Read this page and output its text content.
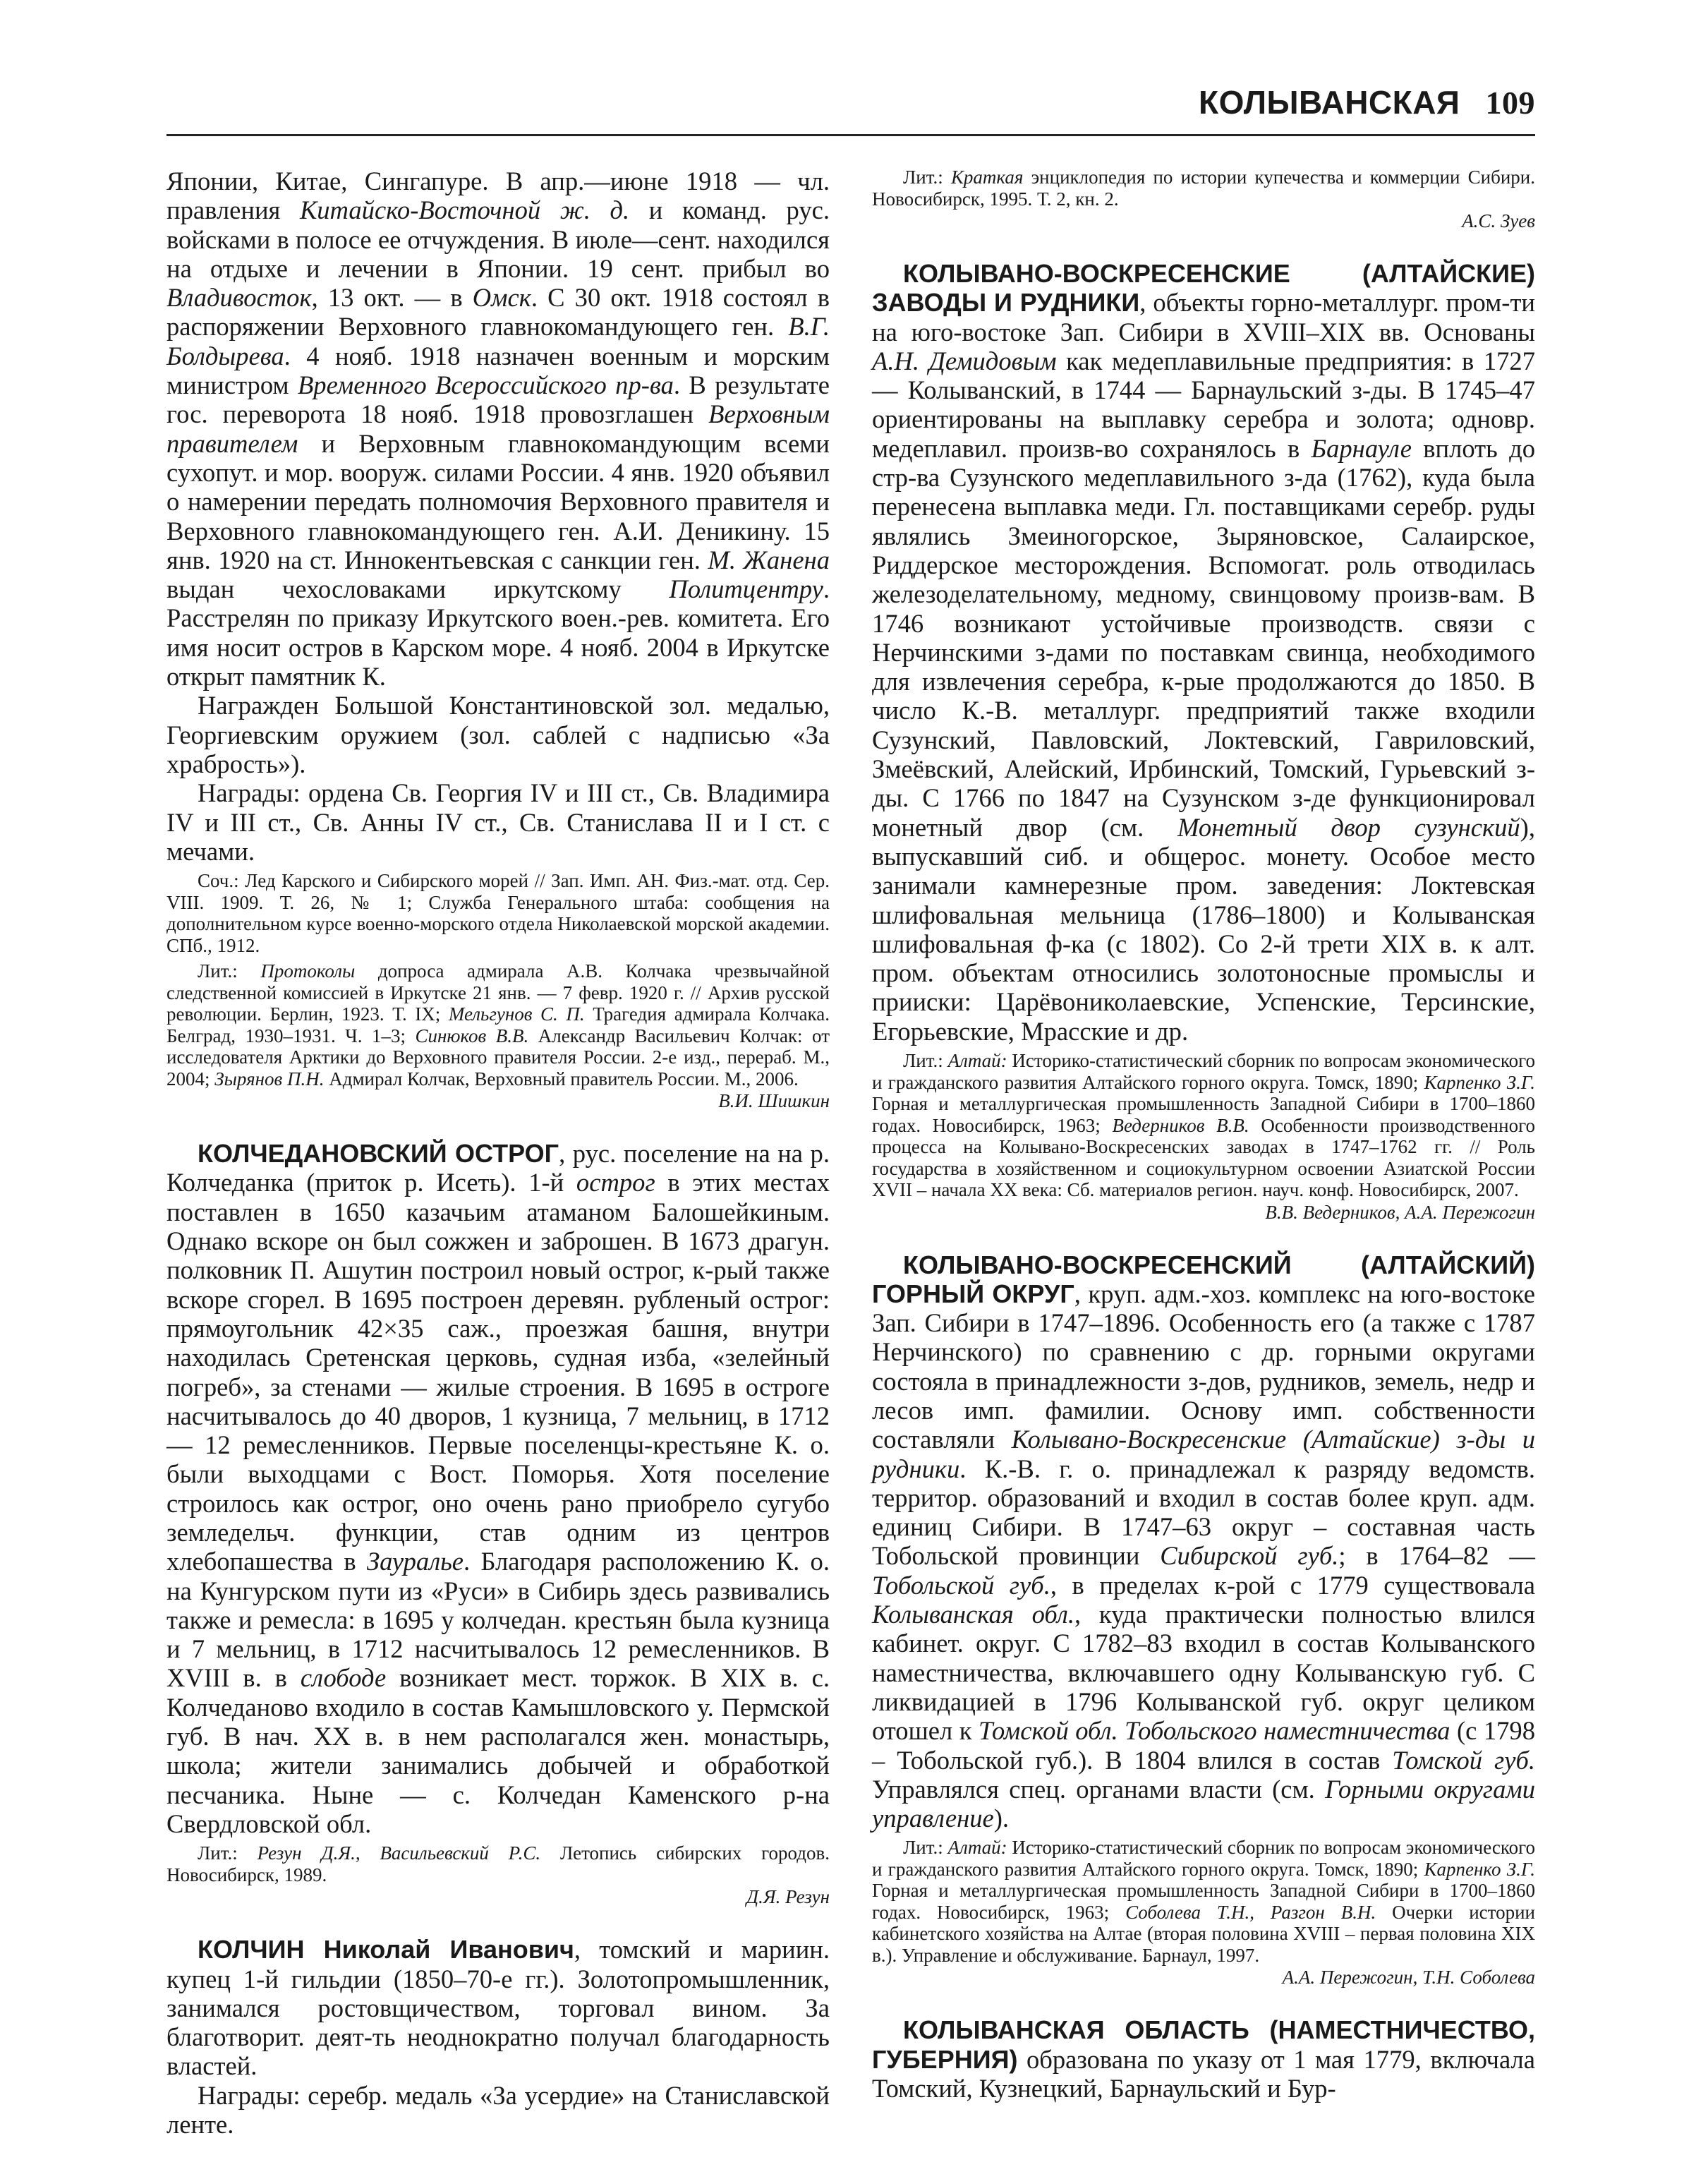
КОЛЫВАНСКАЯ 109

Японии, Китае, Сингапуре. В апр.—июне 1918 — чл. правления Китайско-Восточной ж. д. и команд. рус. войсками в полосе ее отчуждения. В июле—сент. находился на отдыхе и лечении в Японии. 19 сент. прибыл во Владивосток, 13 окт. — в Омск. С 30 окт. 1918 состоял в распоряжении Верховного главнокомандующего ген. В.Г. Болдырева. 4 нояб. 1918 назначен военным и морским министром Временного Всероссийского пр-ва. В результате гос. переворота 18 нояб. 1918 провозглашен Верховным правителем и Верховным главнокомандующим всеми сухопут. и мор. вооруж. силами России. 4 янв. 1920 объявил о намерении передать полномочия Верховного правителя и Верховного главнокомандующего ген. А.И. Деникину. 15 янв. 1920 на ст. Иннокентьевская с санкции ген. М. Жанена выдан чехословаками иркутскому Политцентру. Расстрелян по приказу Иркутского воен.-рев. комитета. Его имя носит остров в Карском море. 4 нояб. 2004 в Иркутске открыт памятник К.

Награжден Большой Константиновской зол. медалью, Георгиевским оружием (зол. саблей с надписью «За храбрость»).

Награды: ордена Св. Георгия IV и III ст., Св. Владимира IV и III ст., Св. Анны IV ст., Св. Станислава II и I ст. с мечами.

Соч.: Лед Карского и Сибирского морей // Зап. Имп. АН. Физ.-мат. отд. Сер. VIII. 1909. Т. 26, № 1; Служба Генерального штаба: сообщения на дополнительном курсе военно-морского отдела Николаевской морской академии. СПб., 1912.

Лит.: Протоколы допроса адмирала А.В. Колчака чрезвычайной следственной комиссией в Иркутске 21 янв. — 7 февр. 1920 г. // Архив русской революции. Берлин, 1923. Т. IX; Мельгунов С. П. Трагедия адмирала Колчака. Белград, 1930–1931. Ч. 1–3; Синюков В.В. Александр Васильевич Колчак: от исследователя Арктики до Верховного правителя России. 2-е изд., перераб. М., 2004; Зырянов П.Н. Адмирал Колчак, Верховный правитель России. М., 2006.

В.И. Шишкин

КОЛЧЕДАНОВСКИЙ ОСТРОГ, рус. поселение на на р. Колчеданка (приток р. Исеть). 1-й острог в этих местах поставлен в 1650 казачьим атаманом Балошейкиным. Однако вскоре он был сожжен и заброшен. В 1673 драгун. полковник П. Ашутин построил новый острог, к-рый также вскоре сгорел. В 1695 построен деревян. рубленый острог: прямоугольник 42×35 саж., проезжая башня, внутри находилась Сретенская церковь, судная изба, «зелейный погреб», за стенами — жилые строения. В 1695 в остроге насчитывалось до 40 дворов, 1 кузница, 7 мельниц, в 1712 — 12 ремесленников. Первые поселенцы-крестьяне К. о. были выходцами с Вост. Поморья. Хотя поселение строилось как острог, оно очень рано приобрело сугубо земледельч. функции, став одним из центров хлебопашества в Зауралье. Благодаря расположению К. о. на Кунгурском пути из «Руси» в Сибирь здесь развивались также и ремесла: в 1695 у колчедан. крестьян была кузница и 7 мельниц, в 1712 насчитывалось 12 ремесленников. В XVIII в. в слободе возникает мест. торжок. В XIX в. с. Колчеданово входило в состав Камышловского у. Пермской губ. В нач. XX в. в нем располагался жен. монастырь, школа; жители занимались добычей и обработкой песчаника. Ныне — с. Колчедан Каменского р-на Свердловской обл.

Лит.: Резун Д.Я., Васильевский Р.С. Летопись сибирских городов. Новосибирск, 1989.

Д.Я. Резун

КОЛЧИН Николай Иванович, томский и мариин. купец 1-й гильдии (1850–70-е гг.). Золотопромышленник, занимался ростовщичеством, торговал вином. За благотворит. деят-ть неоднократно получал благодарность властей.

Награды: серебр. медаль «За усердие» на Станиславской ленте.

Лит.: Краткая энциклопедия по истории купечества и коммерции Сибири. Новосибирск, 1995. Т. 2, кн. 2.

А.С. Зуев

КОЛЫВАНО-ВОСКРЕСЕНСКИЕ (АЛТАЙСКИЕ) ЗАВОДЫ И РУДНИКИ, объекты горно-металлург. пром-ти на юго-востоке Зап. Сибири в XVIII–XIX вв. Основаны А.Н. Демидовым как медеплавильные предприятия: в 1727 — Колыванский, в 1744 — Барнаульский з-ды. В 1745–47 ориентированы на выплавку серебра и золота; одновр. медеплавил. произв-во сохранялось в Барнауле вплоть до стр-ва Сузунского медеплавильного з-да (1762), куда была перенесена выплавка меди. Гл. поставщиками серебр. руды являлись Змеиногорское, Зыряновское, Салаирское, Риддерское месторождения. Вспомогат. роль отводилась железоделательному, медному, свинцовому произв-вам. В 1746 возникают устойчивые производств. связи с Нерчинскими з-дами по поставкам свинца, необходимого для извлечения серебра, к-рые продолжаются до 1850. В число К.-В. металлург. предприятий также входили Сузунский, Павловский, Локтевский, Гавриловский, Змеёвский, Алейский, Ирбинский, Томский, Гурьевский з-ды. С 1766 по 1847 на Сузунском з-де функционировал монетный двор (см. Монетный двор сузунский), выпускавший сиб. и общерос. монету. Особое место занимали камнерезные пром. заведения: Локтевская шлифовальная мельница (1786–1800) и Колыванская шлифовальная ф-ка (с 1802). Со 2-й трети XIX в. к алт. пром. объектам относились золотоносные промыслы и прииски: Царёвониколаевские, Успенские, Терсинские, Егорьевские, Мрасские и др.

Лит.: Алтай: Историко-статистический сборник по вопросам экономического и гражданского развития Алтайского горного округа. Томск, 1890; Карпенко З.Г. Горная и металлургическая промышленность Западной Сибири в 1700–1860 годах. Новосибирск, 1963; Ведерников В.В. Особенности производственного процесса на Колывано-Воскресенских заводах в 1747–1762 гг. // Роль государства в хозяйственном и социокультурном освоении Азиатской России XVII – начала XX века: Сб. материалов регион. науч. конф. Новосибирск, 2007.

В.В. Ведерников, А.А. Пережогин

КОЛЫВАНО-ВОСКРЕСЕНСКИЙ (АЛТАЙСКИЙ) ГОРНЫЙ ОКРУГ, круп. адм.-хоз. комплекс на юго-востоке Зап. Сибири в 1747–1896. Особенность его (а также с 1787 Нерчинского) по сравнению с др. горными округами состояла в принадлежности з-дов, рудников, земель, недр и лесов имп. фамилии. Основу имп. собственности составляли Колывано-Воскресенские (Алтайские) з-ды и рудники. К.-В. г. о. принадлежал к разряду ведомств. территор. образований и входил в состав более круп. адм. единиц Сибири. В 1747–63 округ – составная часть Тобольской провинции Сибирской губ.; в 1764–82 — Тобольской губ., в пределах к-рой с 1779 существовала Колыванская обл., куда практически полностью влился кабинет. округ. С 1782–83 входил в состав Колыванского наместничества, включавшего одну Колыванскую губ. С ликвидацией в 1796 Колыванской губ. округ целиком отошел к Томской обл. Тобольского наместничества (с 1798 – Тобольской губ.). В 1804 влился в состав Томской губ. Управлялся спец. органами власти (см. Горными округами управление).

Лит.: Алтай: Историко-статистический сборник по вопросам экономического и гражданского развития Алтайского горного округа. Томск, 1890; Карпенко З.Г. Горная и металлургическая промышленность Западной Сибири в 1700–1860 годах. Новосибирск, 1963; Соболева Т.Н., Разгон В.Н. Очерки истории кабинетского хозяйства на Алтае (вторая половина XVIII – первая половина XIX в.). Управление и обслуживание. Барнаул, 1997.

А.А. Пережогин, Т.Н. Соболева

КОЛЫВАНСКАЯ ОБЛАСТЬ (НАМЕСТНИЧЕСТВО, ГУБЕРНИЯ) образована по указу от 1 мая 1779, включала Томский, Кузнецкий, Барнаульский и Бур-
